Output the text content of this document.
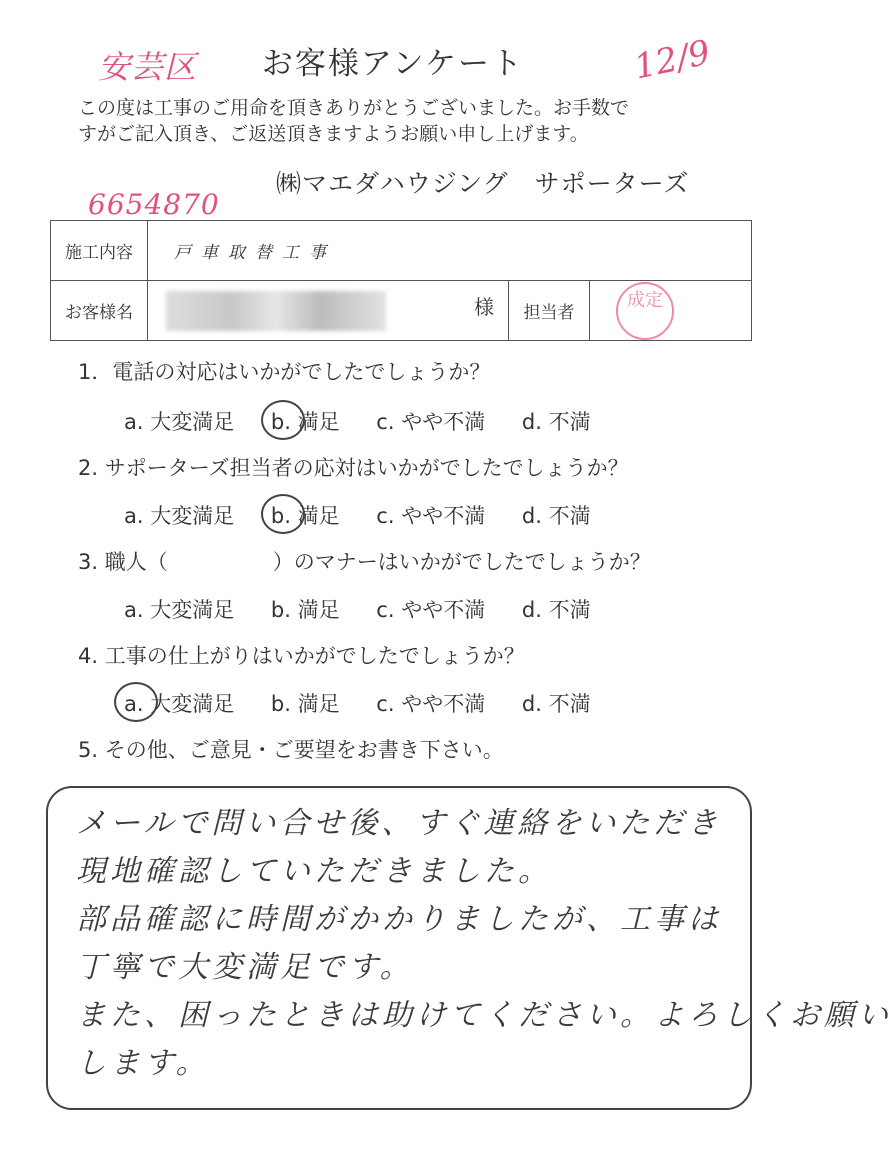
お客様アンケート
安芸区	12/9
この度は工事のご用命を頂きありがとうございました。お手数で
すがご記入頂き、ご返送頂きますようお願い申し上げます。
㈱マエダハウジング　サポーターズ
6654870
施工内容	戸車取替工事		
お客様名	様	担当者	成定
1．電話の対応はいかがでしたでしょうか？
a. 大変満足 b. 満足 c. やや不満 d. 不満
2. サポーターズ担当者の応対はいかがでしたでしょうか？
a. 大変満足 b. 満足 c. やや不満 d. 不満
3. 職人（　　　　　）のマナーはいかがでしたでしょうか？
a. 大変満足 b. 満足 c. やや不満 d. 不満
4. 工事の仕上がりはいかがでしたでしょうか？
a. 大変満足 b. 満足 c. やや不満 d. 不満
5. その他、ご意見・ご要望をお書き下さい。
メールで問い合せ後、すぐ連絡をいただき
現地確認していただきました。
部品確認に時間がかかりましたが、工事は
丁寧で大変満足です。
また、困ったときは助けてください。よろしくお願い
します。
